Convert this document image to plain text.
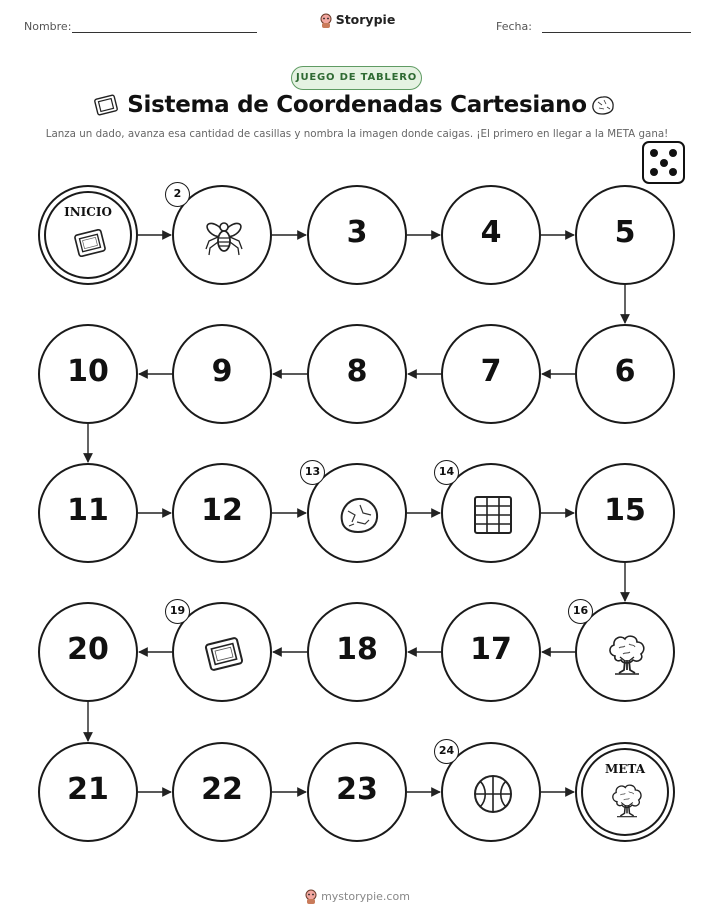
Nombre:	Fecha:
Storypie
JUEGO DE TABLERO
Sistema de Coordenadas Cartesiano
Lanza un dado, avanza esa cantidad de casillas y nombra la imagen donde caigas. ¡El primero en llegar a la META gana!
INICIO
3	4	5
6
7
8
9
10
11	12	15
17
18
20
21	22	23
META
2
13	14
16
19
24
mystorypie.com
